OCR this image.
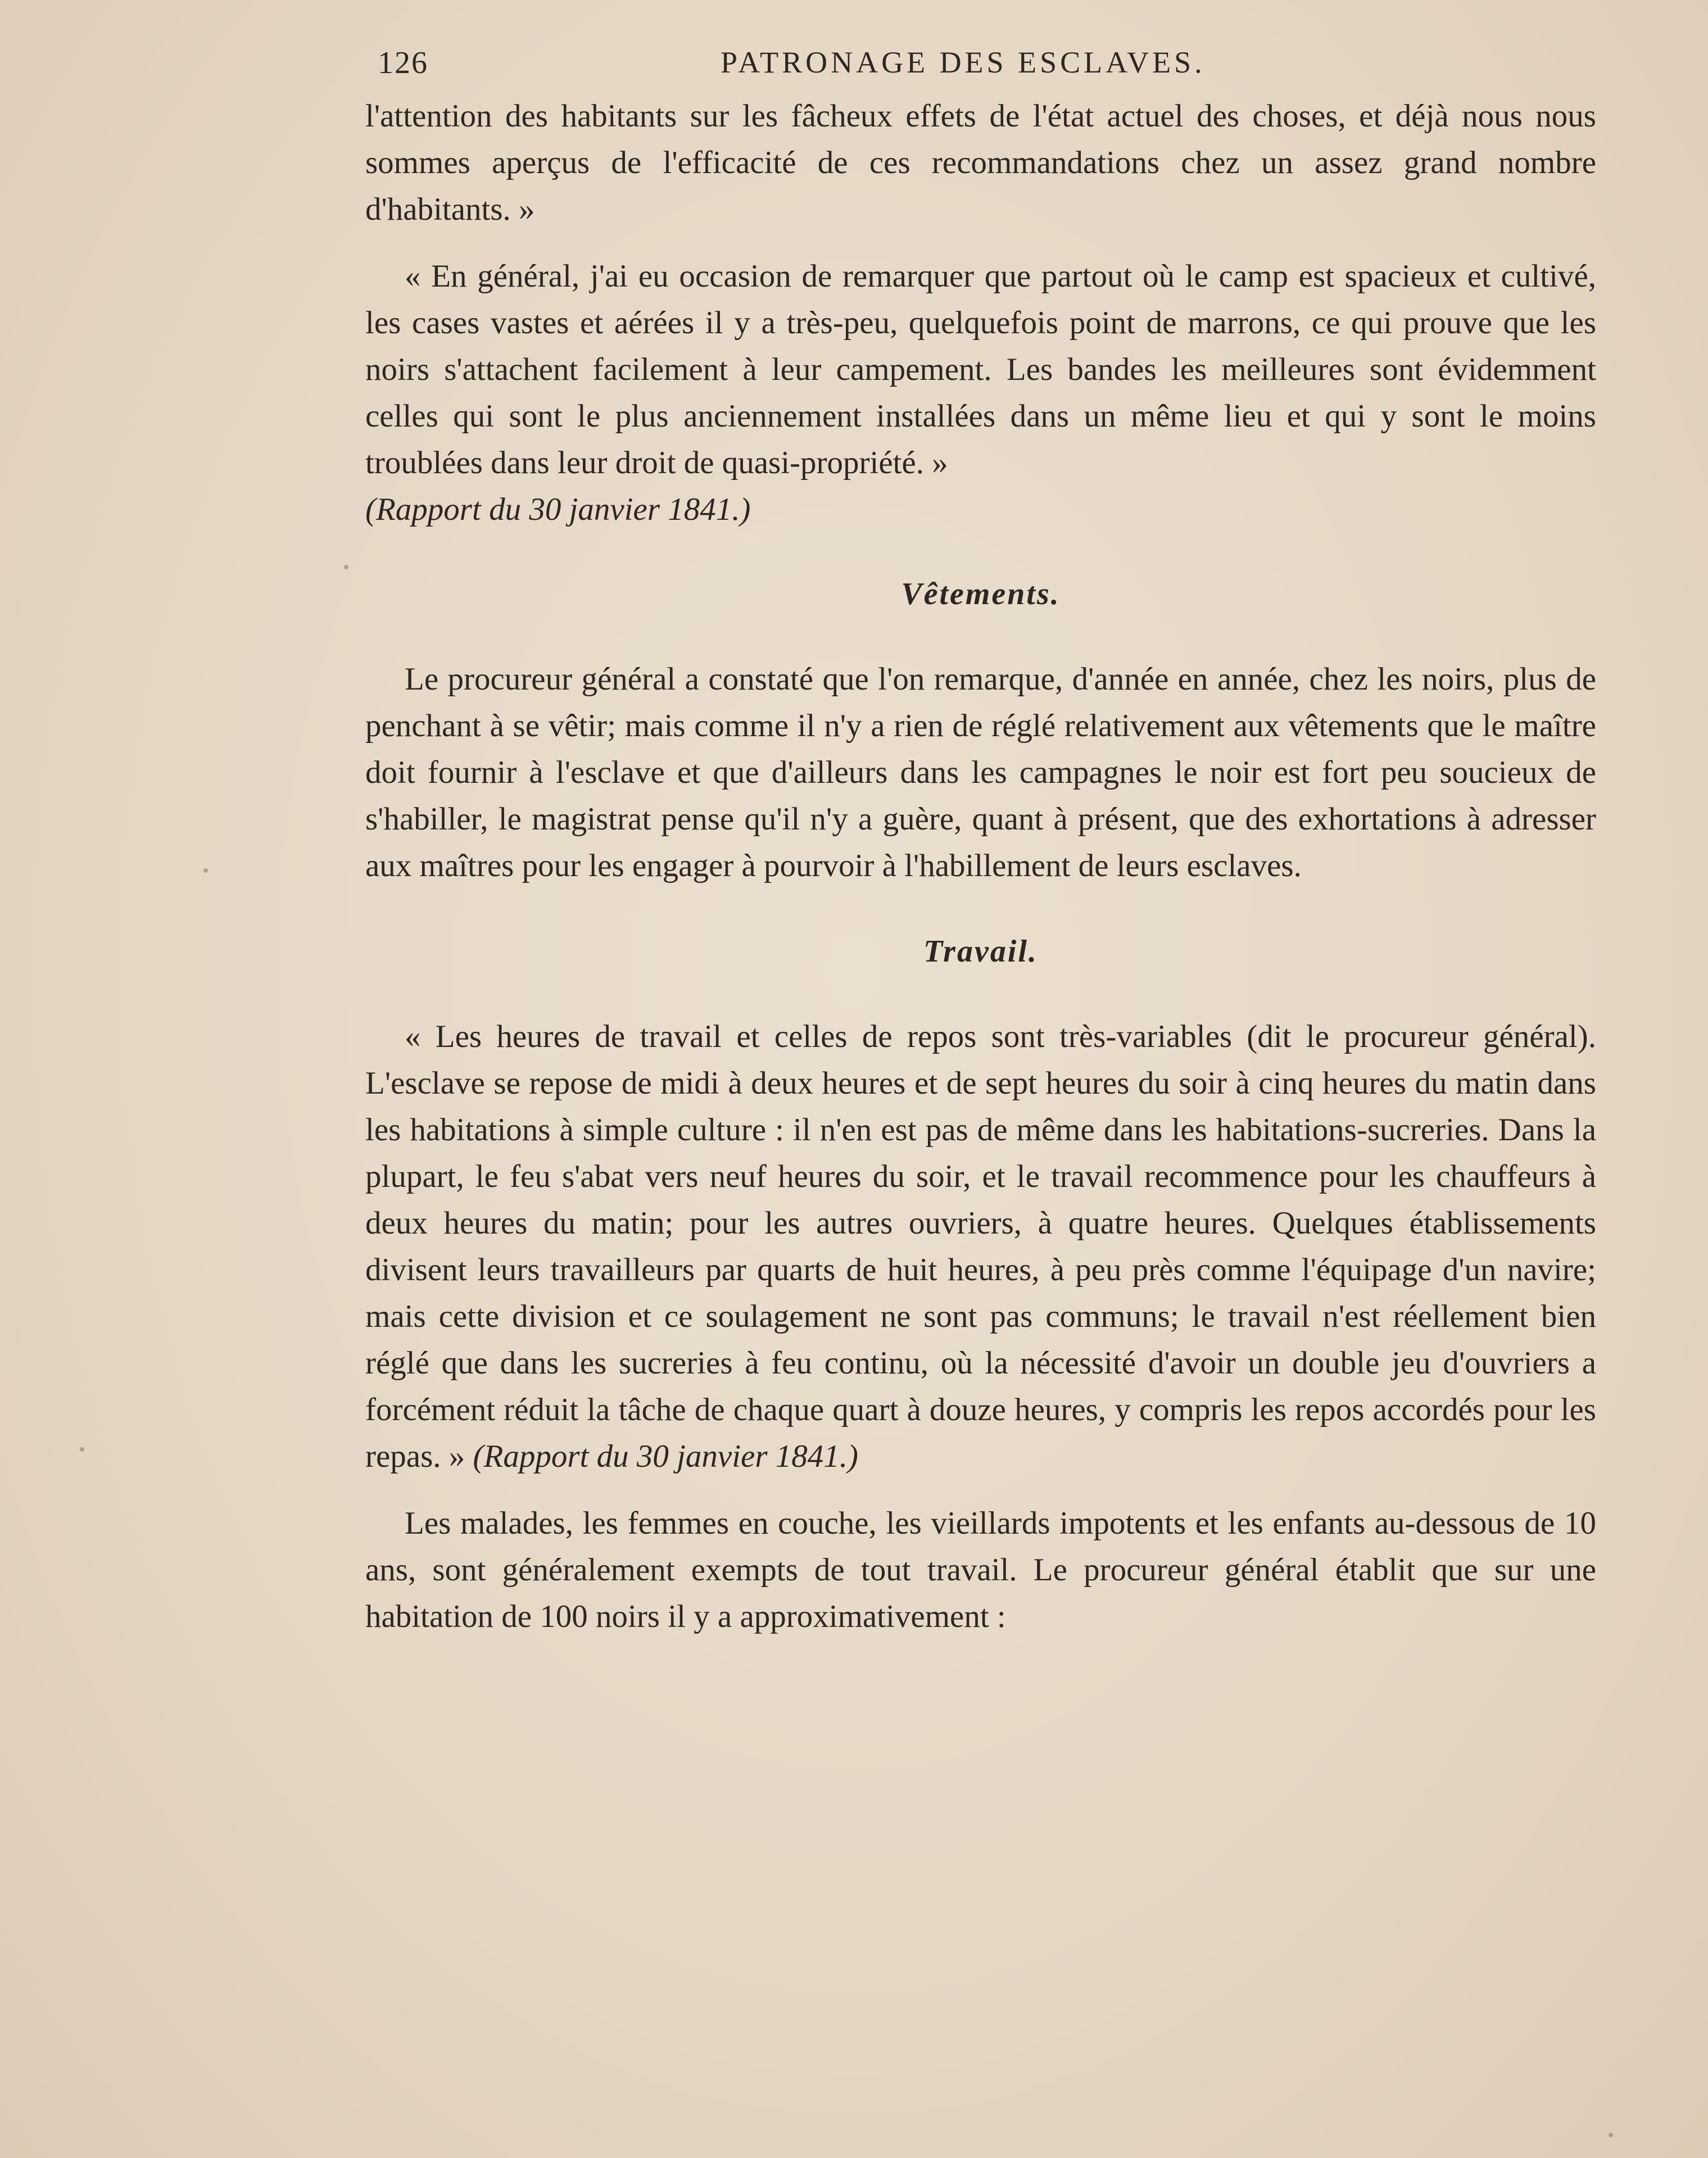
126	PATRONAGE DES ESCLAVES.

l'attention des habitants sur les fâcheux effets de l'état actuel des choses, et déjà nous nous sommes aperçus de l'efficacité de ces recommandations chez un assez grand nombre d'habitants. »

« En général, j'ai eu occasion de remarquer que partout où le camp est spacieux et cultivé, les cases vastes et aérées il y a très-peu, quelquefois point de marrons, ce qui prouve que les noirs s'attachent facilement à leur campement. Les bandes les meilleures sont évidemment celles qui sont le plus anciennement installées dans un même lieu et qui y sont le moins troublées dans leur droit de quasi-propriété. »
(Rapport du 30 janvier 1841.)

Vêtements.

Le procureur général a constaté que l'on remarque, d'année en année, chez les noirs, plus de penchant à se vêtir; mais comme il n'y a rien de réglé relativement aux vêtements que le maître doit fournir à l'esclave et que d'ailleurs dans les campagnes le noir est fort peu soucieux de s'habiller, le magistrat pense qu'il n'y a guère, quant à présent, que des exhortations à adresser aux maîtres pour les engager à pourvoir à l'habillement de leurs esclaves.

Travail.

« Les heures de travail et celles de repos sont très-variables (dit le procureur général). L'esclave se repose de midi à deux heures et de sept heures du soir à cinq heures du matin dans les habitations à simple culture : il n'en est pas de même dans les habitations-sucreries. Dans la plupart, le feu s'abat vers neuf heures du soir, et le travail recommence pour les chauffeurs à deux heures du matin; pour les autres ouvriers, à quatre heures. Quelques établissements divisent leurs travailleurs par quarts de huit heures, à peu près comme l'équipage d'un navire; mais cette division et ce soulagement ne sont pas communs; le travail n'est réellement bien réglé que dans les sucreries à feu continu, où la nécessité d'avoir un double jeu d'ouvriers a forcément réduit la tâche de chaque quart à douze heures, y compris les repos accordés pour les repas. » (Rapport du 30 janvier 1841.)

Les malades, les femmes en couche, les vieillards impotents et les enfants au-dessous de 10 ans, sont généralement exempts de tout travail. Le procureur général établit que sur une habitation de 100 noirs il y a approximativement :
